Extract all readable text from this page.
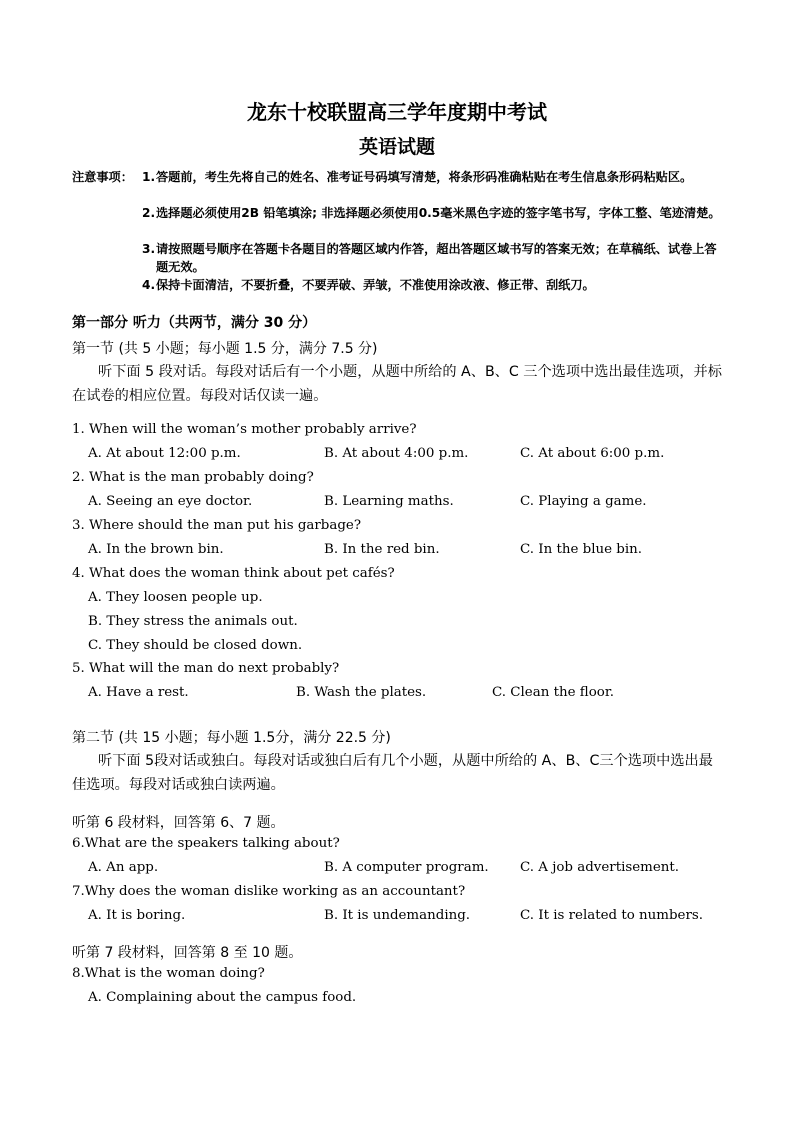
龙东十校联盟高三学年度期中考试
英语试题
注意事项： 1. 答题前，考生先将自己的姓名、准考证号码填写清楚，将条形码准确粘贴在考生信息条形码粘贴区。
2. 选择题必须使用2B 铅笔填涂; 非选择题必须使用0.5毫米黑色字迹的签字笔书写，字体工整、笔迹清楚。
3. 请按照题号顺序在答题卡各题目的答题区域内作答，超出答题区域书写的答案无效；在草稿纸、试卷上答题无效。
4. 保持卡面清洁，不要折叠，不要弄破、弄皱，不准使用涂改液、修正带、刮纸刀。
第一部分 听力（共两节，满分 30 分）
第一节 (共 5 小题；每小题 1.5 分，满分 7.5 分)
听下面 5 段对话。每段对话后有一个小题，从题中所给的 A、B、C 三个选项中选出最佳选项，并标在试卷的相应位置。每段对话仅读一遍。
1. When will the woman’s mother probably arrive?
A. At about 12:00 p.m.	B. At about 4:00 p.m.	C. At about 6:00 p.m.
2. What is the man probably doing?
A. Seeing an eye doctor.	B. Learning maths.	C. Playing a game.
3. Where should the man put his garbage?
A. In the brown bin.	B. In the red bin.	C. In the blue bin.
4. What does the woman think about pet cafés?
A. They loosen people up.
B. They stress the animals out.
C. They should be closed down.
5. What will the man do next probably?
A. Have a rest.	B. Wash the plates.	C. Clean the floor.
第二节 (共 15 小题；每小题 1.5分，满分 22.5 分)
听下面 5段对话或独白。每段对话或独白后有几个小题，从题中所给的 A、B、C三个选项中选出最佳选项。每段对话或独白读两遍。
听第 6 段材料，回答第 6、7 题。
6.What are the speakers talking about?
A. An app.	B. A computer program. C. A job advertisement.
7.Why does the woman dislike working as an accountant?
A. It is boring.	B. It is undemanding.	C. It is related to numbers.
听第 7 段材料，回答第 8 至 10 题。
8.What is the woman doing?
A. Complaining about the campus food.
